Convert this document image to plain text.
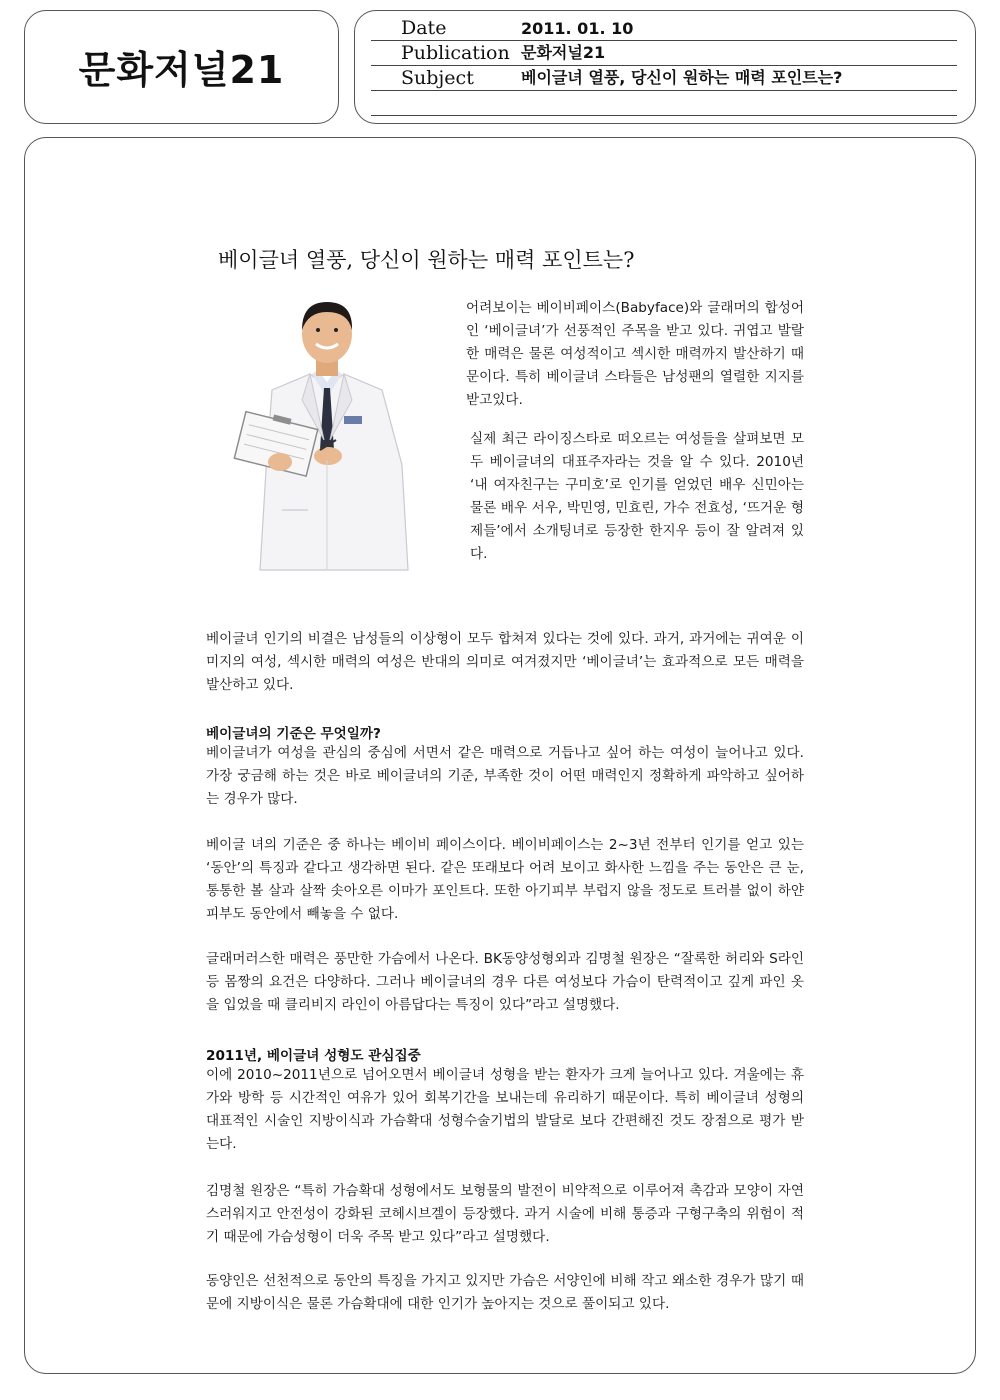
문화저널21
Date	2011. 01. 10
Publication 문화저널21
Subject	베이글녀 열풍, 당신이 원하는 매력 포인트는?
베이글녀 열풍, 당신이 원하는 매력 포인트는?

어려보이는 베이비페이스(Babyface)와 글래머의 합성어인 ‘베이글녀’가 선풍적인 주목을 받고 있다. 귀엽고 발랄한 매력은 물론 여성적이고 섹시한 매력까지 발산하기 때문이다. 특히 베이글녀 스타들은 남성팬의 열렬한 지지를 받고있다.

실제 최근 라이징스타로 떠오르는 여성들을 살펴보면 모두 베이글녀의 대표주자라는 것을 알 수 있다. 2010년 ‘내 여자친구는 구미호’로 인기를 얻었던 배우 신민아는 물론 배우 서우, 박민영, 민효린, 가수 전효성, ‘뜨거운 형제들’에서 소개팅녀로 등장한 한지우 등이 잘 알려져 있다.

베이글녀 인기의 비결은 남성들의 이상형이 모두 합쳐져 있다는 것에 있다. 과거, 과거에는 귀여운 이미지의 여성, 섹시한 매력의 여성은 반대의 의미로 여겨졌지만 ‘베이글녀’는 효과적으로 모든 매력을 발산하고 있다.

베이글녀의 기준은 무엇일까?

베이글녀가 여성을 관심의 중심에 서면서 같은 매력으로 거듭나고 싶어 하는 여성이 늘어나고 있다. 가장 궁금해 하는 것은 바로 베이글녀의 기준, 부족한 것이 어떤 매력인지 정확하게 파악하고 싶어하는 경우가 많다.

베이글 녀의 기준은 중 하나는 베이비 페이스이다. 베이비페이스는 2~3년 전부터 인기를 얻고 있는 ‘동안’의 특징과 같다고 생각하면 된다. 같은 또래보다 어려 보이고 화사한 느낌을 주는 동안은 큰 눈, 통통한 볼 살과 살짝 솟아오른 이마가 포인트다. 또한 아기피부 부럽지 않을 정도로 트러블 없이 하얀 피부도 동안에서 빼놓을 수 없다.

글래머러스한 매력은 풍만한 가슴에서 나온다. BK동양성형외과 김명철 원장은 “잘록한 허리와 S라인 등 몸짱의 요건은 다양하다. 그러나 베이글녀의 경우 다른 여성보다 가슴이 탄력적이고 깊게 파인 옷을 입었을 때 클리비지 라인이 아름답다는 특징이 있다”라고 설명했다.

2011년, 베이글녀 성형도 관심집중

이에 2010~2011년으로 넘어오면서 베이글녀 성형을 받는 환자가 크게 늘어나고 있다. 겨울에는 휴가와 방학 등 시간적인 여유가 있어 회복기간을 보내는데 유리하기 때문이다. 특히 베이글녀 성형의 대표적인 시술인 지방이식과 가슴확대 성형수술기법의 발달로 보다 간편해진 것도 장점으로 평가 받는다.

김명철 원장은 “특히 가슴확대 성형에서도 보형물의 발전이 비약적으로 이루어져 촉감과 모양이 자연스러워지고 안전성이 강화된 코헤시브겔이 등장했다. 과거 시술에 비해 통증과 구형구축의 위험이 적기 때문에 가슴성형이 더욱 주목 받고 있다”라고 설명했다.

동양인은 선천적으로 동안의 특징을 가지고 있지만 가슴은 서양인에 비해 작고 왜소한 경우가 많기 때문에 지방이식은 물론 가슴확대에 대한 인기가 높아지는 것으로 풀이되고 있다.
